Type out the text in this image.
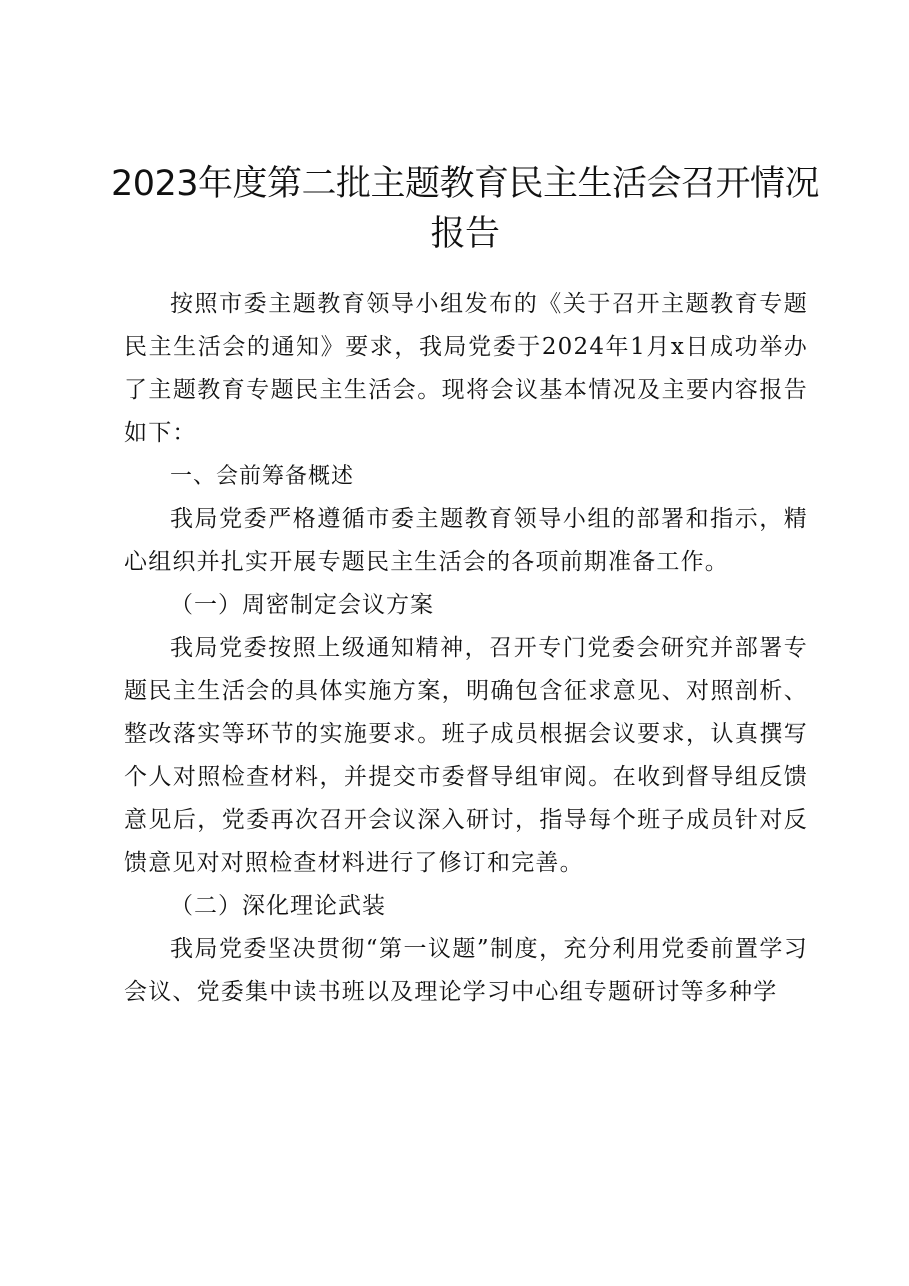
2023年度第二批主题教育民主生活会召开情况
报告

按照市委主题教育领导小组发布的《关于召开主题教育专题民主生活会的通知》要求，我局党委于2024年1月x日成功举办了主题教育专题民主生活会。现将会议基本情况及主要内容报告如下：

一、会前筹备概述

我局党委严格遵循市委主题教育领导小组的部署和指示，精心组织并扎实开展专题民主生活会的各项前期准备工作。

（一）周密制定会议方案

我局党委按照上级通知精神，召开专门党委会研究并部署专题民主生活会的具体实施方案，明确包含征求意见、对照剖析、整改落实等环节的实施要求。班子成员根据会议要求，认真撰写个人对照检查材料，并提交市委督导组审阅。在收到督导组反馈意见后，党委再次召开会议深入研讨，指导每个班子成员针对反馈意见对对照检查材料进行了修订和完善。

（二）深化理论武装

我局党委坚决贯彻“第一议题”制度，充分利用党委前置学习会议、党委集中读书班以及理论学习中心组专题研讨等多种学
